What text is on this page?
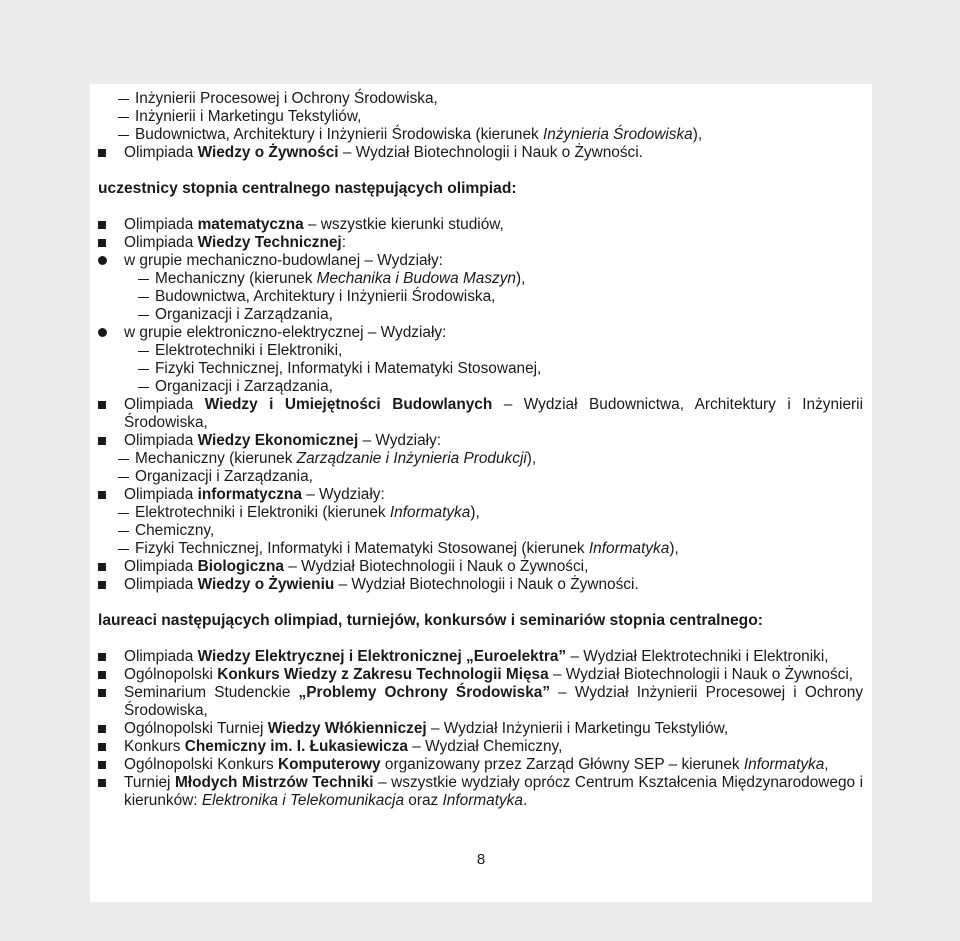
Inżynierii Procesowej i Ochrony Środowiska,
Inżynierii i Marketingu Tekstyliów,
Budownictwa, Architektury i Inżynierii Środowiska (kierunek Inżynieria Środowiska),
Olimpiada Wiedzy o Żywności – Wydział Biotechnologii i Nauk o Żywności.
uczestnicy stopnia centralnego następujących olimpiad:
Olimpiada matematyczna – wszystkie kierunki studiów,
Olimpiada Wiedzy Technicznej:
w grupie mechaniczno-budowlanej – Wydziały:
Mechaniczny (kierunek Mechanika i Budowa Maszyn),
Budownictwa, Architektury i Inżynierii Środowiska,
Organizacji i Zarządzania,
w grupie elektroniczno-elektrycznej – Wydziały:
Elektrotechniki i Elektroniki,
Fizyki Technicznej, Informatyki i Matematyki Stosowanej,
Organizacji i Zarządzania,
Olimpiada Wiedzy i Umiejętności Budowlanych – Wydział Budownictwa, Architektury i Inżynierii Środowiska,
Olimpiada Wiedzy Ekonomicznej – Wydziały:
Mechaniczny (kierunek Zarządzanie i Inżynieria Produkcji),
Organizacji i Zarządzania,
Olimpiada informatyczna – Wydziały:
Elektrotechniki i Elektroniki (kierunek Informatyka),
Chemiczny,
Fizyki Technicznej, Informatyki i Matematyki Stosowanej (kierunek Informatyka),
Olimpiada Biologiczna – Wydział Biotechnologii i Nauk o Żywności,
Olimpiada Wiedzy o Żywieniu – Wydział Biotechnologii i Nauk o Żywności.
laureaci następujących olimpiad, turniejów, konkursów i seminariów stopnia centralnego:
Olimpiada Wiedzy Elektrycznej i Elektronicznej „Euroelektra” – Wydział Elektrotechniki i Elektroniki,
Ogólnopolski Konkurs Wiedzy z Zakresu Technologii Mięsa – Wydział Biotechnologii i Nauk o Żywności,
Seminarium Studenckie „Problemy Ochrony Środowiska” – Wydział Inżynierii Procesowej i Ochrony Środowiska,
Ogólnopolski Turniej Wiedzy Włókienniczej – Wydział Inżynierii i Marketingu Tekstyliów,
Konkurs Chemiczny im. I. Łukasiewicza – Wydział Chemiczny,
Ogólnopolski Konkurs Komputerowy organizowany przez Zarząd Główny SEP – kierunek Informatyka,
Turniej Młodych Mistrzów Techniki – wszystkie wydziały oprócz Centrum Kształcenia Międzynarodowego i kierunków: Elektronika i Telekomunikacja oraz Informatyka.
8
